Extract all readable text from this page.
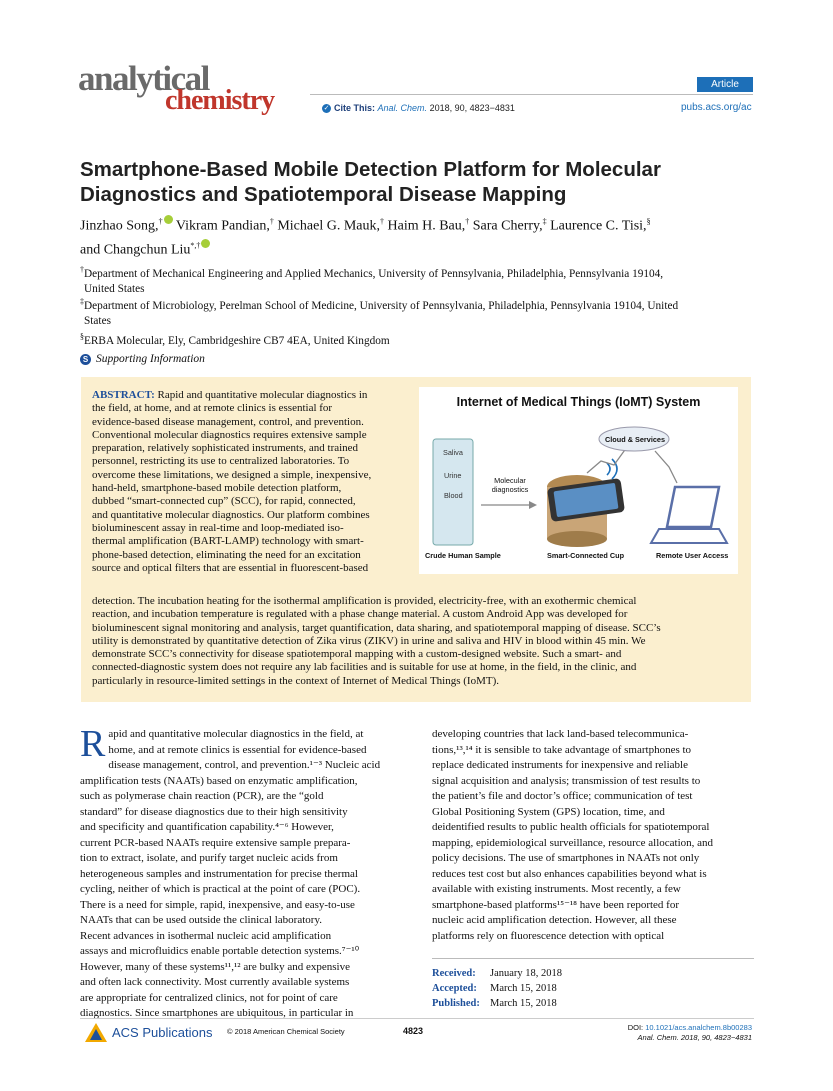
analytical
chemistry
Article
✓ Cite This: Anal. Chem. 2018, 90, 4823−4831	pubs.acs.org/ac
Smartphone-Based Mobile Detection Platform for Molecular
Diagnostics and Spatiotemporal Disease Mapping
Jinzhao Song,† Vikram Pandian,† Michael G. Mauk,† Haim H. Bau,† Sara Cherry,‡ Laurence C. Tisi,§
and Changchun Liu*,†
†Department of Mechanical Engineering and Applied Mechanics, University of Pennsylvania, Philadelphia, Pennsylvania 19104,
United States
‡Department of Microbiology, Perelman School of Medicine, University of Pennsylvania, Philadelphia, Pennsylvania 19104, United
States
§ERBA Molecular, Ely, Cambridgeshire CB7 4EA, United Kingdom
S Supporting Information
ABSTRACT: Rapid and quantitative molecular diagnostics in
the field, at home, and at remote clinics is essential for
evidence-based disease management, control, and prevention.
Conventional molecular diagnostics requires extensive sample
preparation, relatively sophisticated instruments, and trained
personnel, restricting its use to centralized laboratories. To
overcome these limitations, we designed a simple, inexpensive,
hand-held, smartphone-based mobile detection platform,
dubbed “smart-connected cup” (SCC), for rapid, connected,
and quantitative molecular diagnostics. Our platform combines
bioluminescent assay in real-time and loop-mediated iso-
thermal amplification (BART-LAMP) technology with smart-
phone-based detection, eliminating the need for an excitation
source and optical filters that are essential in fluorescent-based
detection. The incubation heating for the isothermal amplification is provided, electricity-free, with an exothermic chemical
reaction, and incubation temperature is regulated with a phase change material. A custom Android App was developed for
bioluminescent signal monitoring and analysis, target quantification, data sharing, and spatiotemporal mapping of disease. SCC’s
utility is demonstrated by quantitative detection of Zika virus (ZIKV) in urine and saliva and HIV in blood within 45 min. We
demonstrate SCC’s connectivity for disease spatiotemporal mapping with a custom-designed website. Such a smart- and
connected-diagnostic system does not require any lab facilities and is suitable for use at home, in the field, in the clinic, and
particularly in resource-limited settings in the context of Internet of Medical Things (IoMT).
Internet of Medical Things (IoMT) System
Saliva
Urine
Blood
Molecular
diagnostics
Cloud & Services
Crude Human Sample	Smart-Connected Cup	Remote User Access
R apid and quantitative molecular diagnostics in the field, at
home, and at remote clinics is essential for evidence-based
disease management, control, and prevention.¹⁻³ Nucleic acid
amplification tests (NAATs) based on enzymatic amplification,
such as polymerase chain reaction (PCR), are the “gold
standard” for disease diagnostics due to their high sensitivity
and specificity and quantification capability.⁴⁻⁶ However,
current PCR-based NAATs require extensive sample prepara-
tion to extract, isolate, and purify target nucleic acids from
heterogeneous samples and instrumentation for precise thermal
cycling, neither of which is practical at the point of care (POC).
There is a need for simple, rapid, inexpensive, and easy-to-use
NAATs that can be used outside the clinical laboratory.
Recent advances in isothermal nucleic acid amplification
assays and microfluidics enable portable detection systems.⁷⁻¹⁰
However, many of these systems¹¹,¹² are bulky and expensive
and often lack connectivity. Most currently available systems
are appropriate for centralized clinics, not for point of care
diagnostics. Since smartphones are ubiquitous, in particular in
developing countries that lack land-based telecommunica-
tions,¹³,¹⁴ it is sensible to take advantage of smartphones to
replace dedicated instruments for inexpensive and reliable
signal acquisition and analysis; transmission of test results to
the patient’s file and doctor’s office; communication of test
Global Positioning System (GPS) location, time, and
deidentified results to public health officials for spatiotemporal
mapping, epidemiological surveillance, resource allocation, and
policy decisions. The use of smartphones in NAATs not only
reduces test cost but also enhances capabilities beyond what is
available with existing instruments. Most recently, a few
smartphone-based platforms¹⁵⁻¹⁸ have been reported for
nucleic acid amplification detection. However, all these
platforms rely on fluorescence detection with optical
Received: January 18, 2018
Accepted: March 15, 2018
Published: March 15, 2018
ACS Publications © 2018 American Chemical Society	4823	DOI: 10.1021/acs.analchem.8b00283
Anal. Chem. 2018, 90, 4823−4831
